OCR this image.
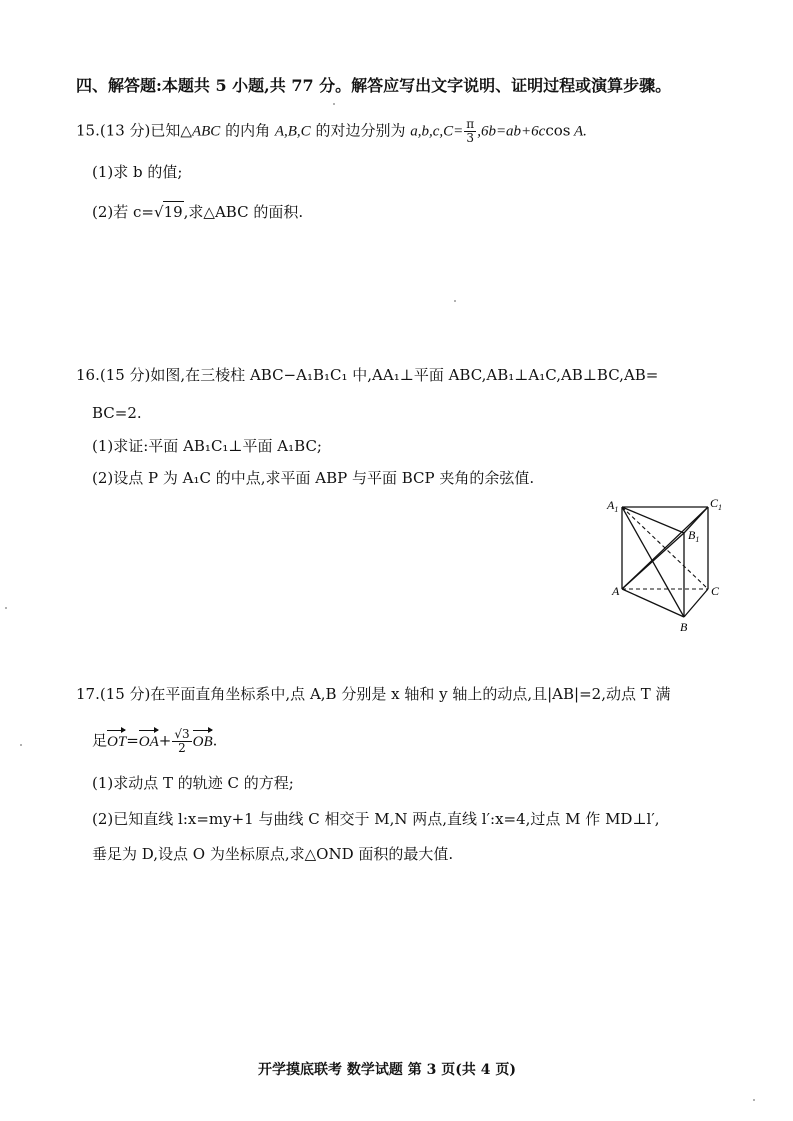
四、解答题:本题共 5 小题,共 77 分。解答应写出文字说明、证明过程或演算步骤。
15.(13 分)已知△ABC 的内角 A,B,C 的对边分别为 $a,b,c,C= \frac{\pi}{3} ,6b=ab+6ccos$ A.
(1)求 b 的值;
(2)若 c=√19,求△ABC 的面积.
16.(15 分)如图,在三棱柱 ABC−A₁B₁C₁ 中,AA₁⊥平面 ABC,AB₁⊥A₁C,AB⊥BC,AB=
BC=2.
(1)求证:平面 AB₁C₁⊥平面 A₁BC;
(2)设点 P 为 A₁C 的中点,求平面 ABP 与平面 BCP 夹角的余弦值.
$A_1$	$C_1$
$B_1$
A	C
B
17.(15 分)在平面直角坐标系中,点 A,B 分别是 x 轴和 y 轴上的动点,且|AB|=2,动点 T 满
足$OT=OA+ \frac{√3}{2}$ OB.
(1)求动点 T 的轨迹 C 的方程;
(2)已知直线 l:x=my+1 与曲线 C 相交于 M,N 两点,直线 l′:x=4,过点 M 作 MD⊥l′,
垂足为 D,设点 O 为坐标原点,求△OND 面积的最大值.
开学摸底联考 数学试题 第 3 页(共 4 页)
